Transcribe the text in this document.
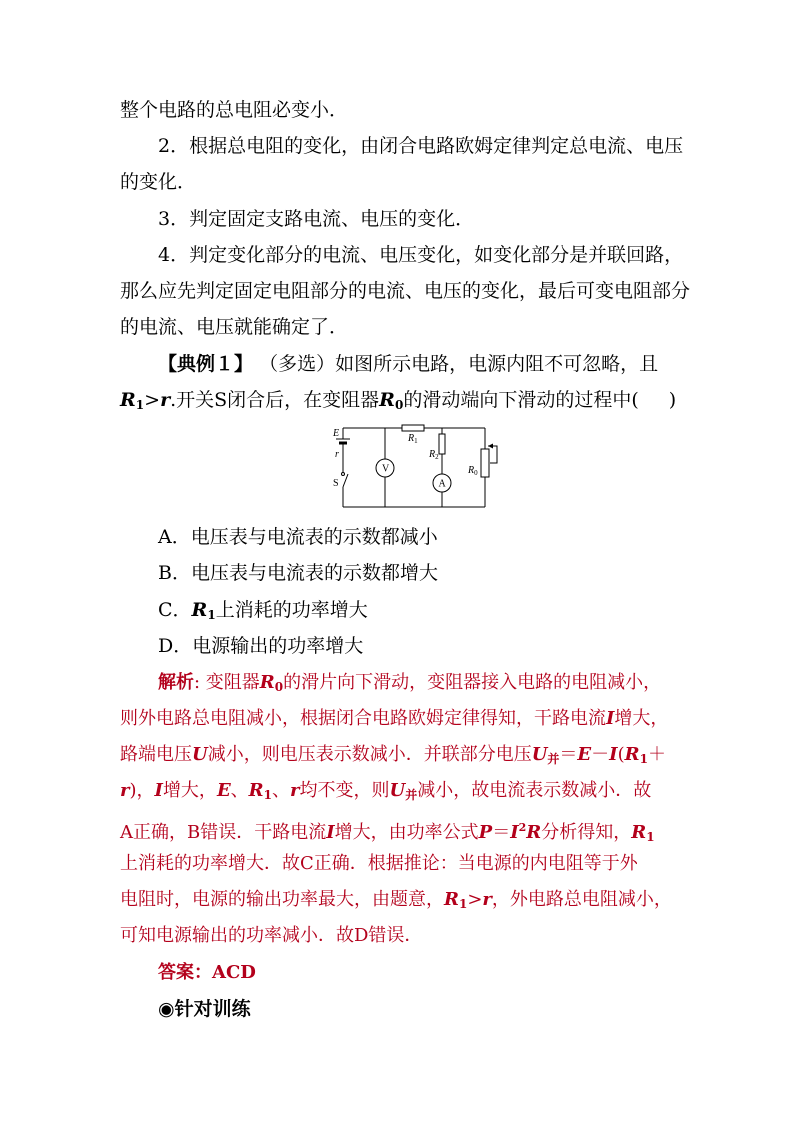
整个电路的总电阻必变小．
2．根据总电阻的变化，由闭合电路欧姆定律判定总电流、电压
的变化．
3．判定固定支路电流、电压的变化．
4．判定变化部分的电流、电压变化，如变化部分是并联回路，
那么应先判定固定电阻部分的电流、电压的变化，最后可变电阻部分
的电流、电压就能确定了．
【典例１】 （多选）如图所示电路，电源内阻不可忽略，且
$R_1>r$.开关S闭合后，在变阻器$R_0$的滑动端向下滑动的过程中( )
E
r
S
V
A
$R_1$
$R_2$
$R_0$
A．电压表与电流表的示数都减小
B．电压表与电流表的示数都增大
C．$R_1$上消耗的功率增大
D．电源输出的功率增大
解析: 变阻器$R_0$的滑片向下滑动，变阻器接入电路的电阻减小，
则外电路总电阻减小，根据闭合电路欧姆定律得知，干路电流I增大，
路端电压U减小，则电压表示数减小．并联部分电压$U_并=E-I(R_1+$
r)，I增大，E、$R_1$、r均不变，则$U_并$减小，故电流表示数减小．故
A正确，B错误．干路电流I增大，由功率公式$P=I^2R$分析得知，$R_1$
上消耗的功率增大．故C正确．根据推论：当电源的内电阻等于外
电阻时，电源的输出功率最大，由题意，$R_1>r$，外电路总电阻减小，
可知电源输出的功率减小．故D错误．
答案：ACD
◉针对训练
